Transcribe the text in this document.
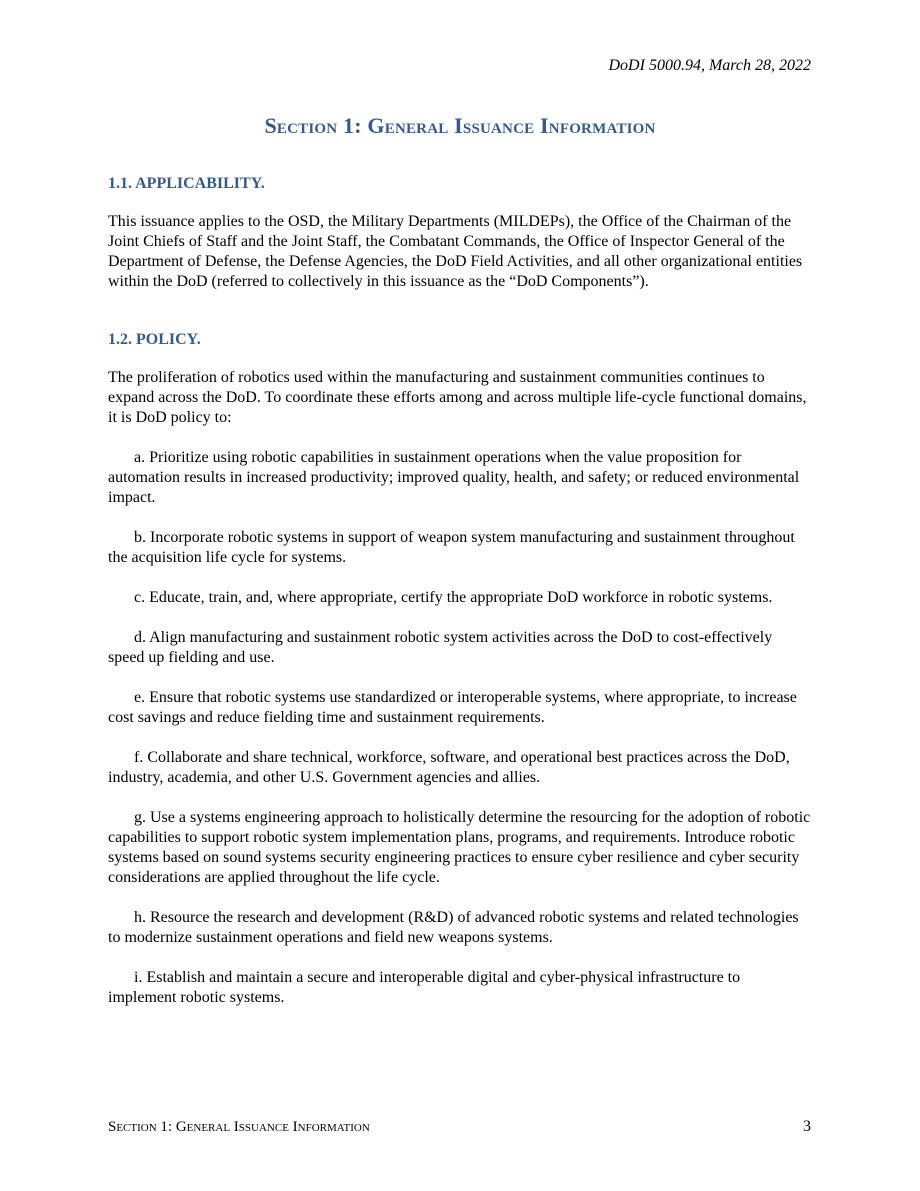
DoDI 5000.94, March 28, 2022
Section 1: General Issuance Information
1.1. APPLICABILITY.

This issuance applies to the OSD, the Military Departments (MILDEPs), the Office of the Chairman of the Joint Chiefs of Staff and the Joint Staff, the Combatant Commands, the Office of Inspector General of the Department of Defense, the Defense Agencies, the DoD Field Activities, and all other organizational entities within the DoD (referred to collectively in this issuance as the “DoD Components”).

1.2. POLICY.

The proliferation of robotics used within the manufacturing and sustainment communities continues to expand across the DoD. To coordinate these efforts among and across multiple life-cycle functional domains, it is DoD policy to:

a. Prioritize using robotic capabilities in sustainment operations when the value proposition for automation results in increased productivity; improved quality, health, and safety; or reduced environmental impact.

b. Incorporate robotic systems in support of weapon system manufacturing and sustainment throughout the acquisition life cycle for systems.

c. Educate, train, and, where appropriate, certify the appropriate DoD workforce in robotic systems.

d. Align manufacturing and sustainment robotic system activities across the DoD to cost-effectively speed up fielding and use.

e. Ensure that robotic systems use standardized or interoperable systems, where appropriate, to increase cost savings and reduce fielding time and sustainment requirements.

f. Collaborate and share technical, workforce, software, and operational best practices across the DoD, industry, academia, and other U.S. Government agencies and allies.

g. Use a systems engineering approach to holistically determine the resourcing for the adoption of robotic capabilities to support robotic system implementation plans, programs, and requirements. Introduce robotic systems based on sound systems security engineering practices to ensure cyber resilience and cyber security considerations are applied throughout the life cycle.

h. Resource the research and development (R&D) of advanced robotic systems and related technologies to modernize sustainment operations and field new weapons systems.

i. Establish and maintain a secure and interoperable digital and cyber-physical infrastructure to implement robotic systems.

Section 1: General Issuance Information	3
